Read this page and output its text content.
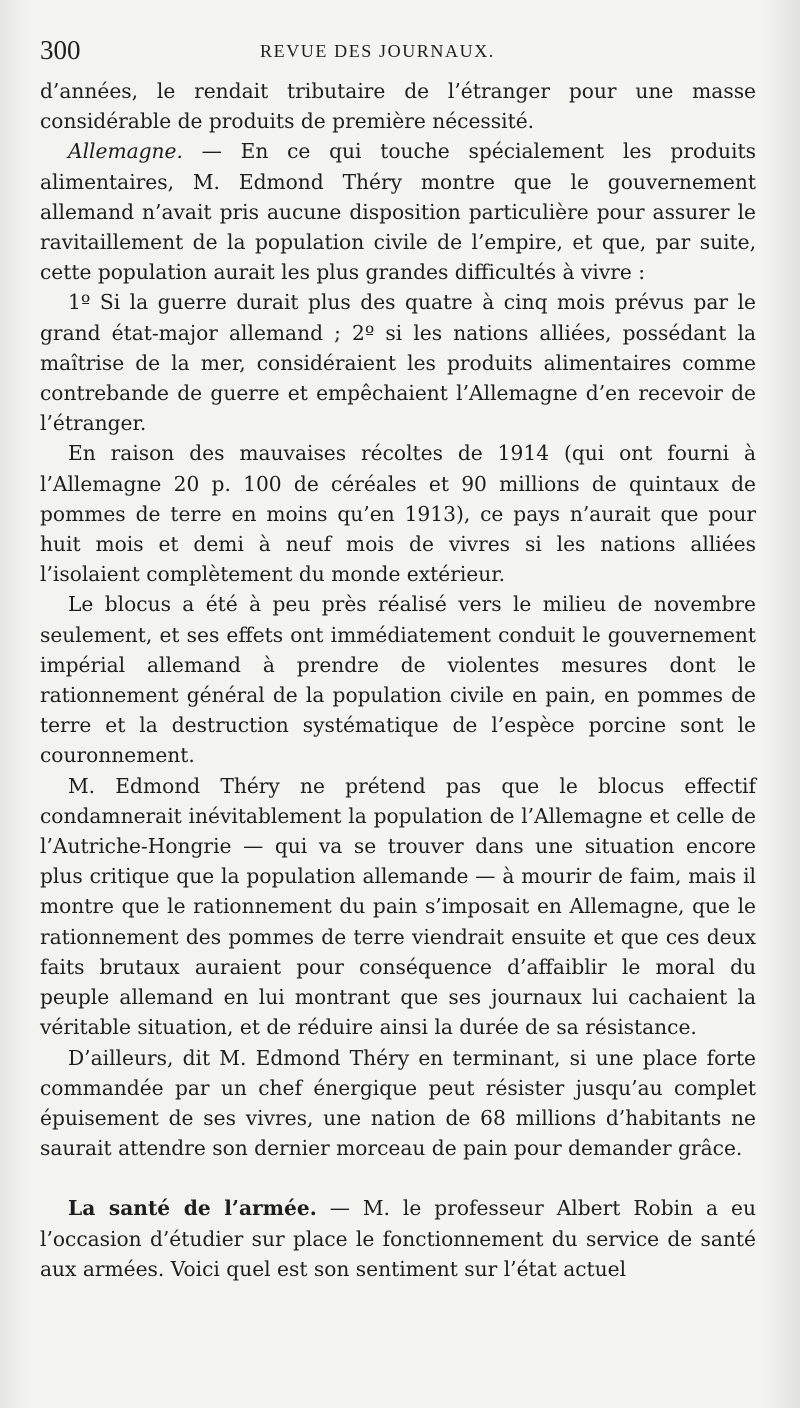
300	REVUE DES JOURNAUX.

d’années, le rendait tributaire de l’étranger pour une masse considérable de produits de première nécessité.

Allemagne. — En ce qui touche spécialement les produits alimentaires, M. Edmond Théry montre que le gouvernement allemand n’avait pris aucune disposition particulière pour assurer le ravitaillement de la population civile de l’empire, et que, par suite, cette population aurait les plus grandes difficultés à vivre :

1º Si la guerre durait plus des quatre à cinq mois prévus par le grand état-major allemand ; 2º si les nations alliées, possédant la maîtrise de la mer, considéraient les produits alimentaires comme contrebande de guerre et empêchaient l’Allemagne d’en recevoir de l’étranger.

En raison des mauvaises récoltes de 1914 (qui ont fourni à l’Allemagne 20 p. 100 de céréales et 90 millions de quintaux de pommes de terre en moins qu’en 1913), ce pays n’aurait que pour huit mois et demi à neuf mois de vivres si les nations alliées l’isolaient complètement du monde extérieur.

Le blocus a été à peu près réalisé vers le milieu de novembre seulement, et ses effets ont immédiatement conduit le gouvernement impérial allemand à prendre de violentes mesures dont le rationnement général de la population civile en pain, en pommes de terre et la destruction systématique de l’espèce porcine sont le couronnement.

M. Edmond Théry ne prétend pas que le blocus effectif condamnerait inévitablement la population de l’Allemagne et celle de l’Autriche-Hongrie — qui va se trouver dans une situation encore plus critique que la population allemande — à mourir de faim, mais il montre que le rationnement du pain s’imposait en Allemagne, que le rationnement des pommes de terre viendrait ensuite et que ces deux faits brutaux auraient pour conséquence d’affaiblir le moral du peuple allemand en lui montrant que ses journaux lui cachaient la véritable situation, et de réduire ainsi la durée de sa résistance.

D’ailleurs, dit M. Edmond Théry en terminant, si une place forte commandée par un chef énergique peut résister jusqu’au complet épuisement de ses vivres, une nation de 68 millions d’habitants ne saurait attendre son dernier morceau de pain pour demander grâce.

La santé de l’armée. — M. le professeur Albert Robin a eu l’occasion d’étudier sur place le fonctionnement du service de santé aux armées. Voici quel est son sentiment sur l’état actuel
